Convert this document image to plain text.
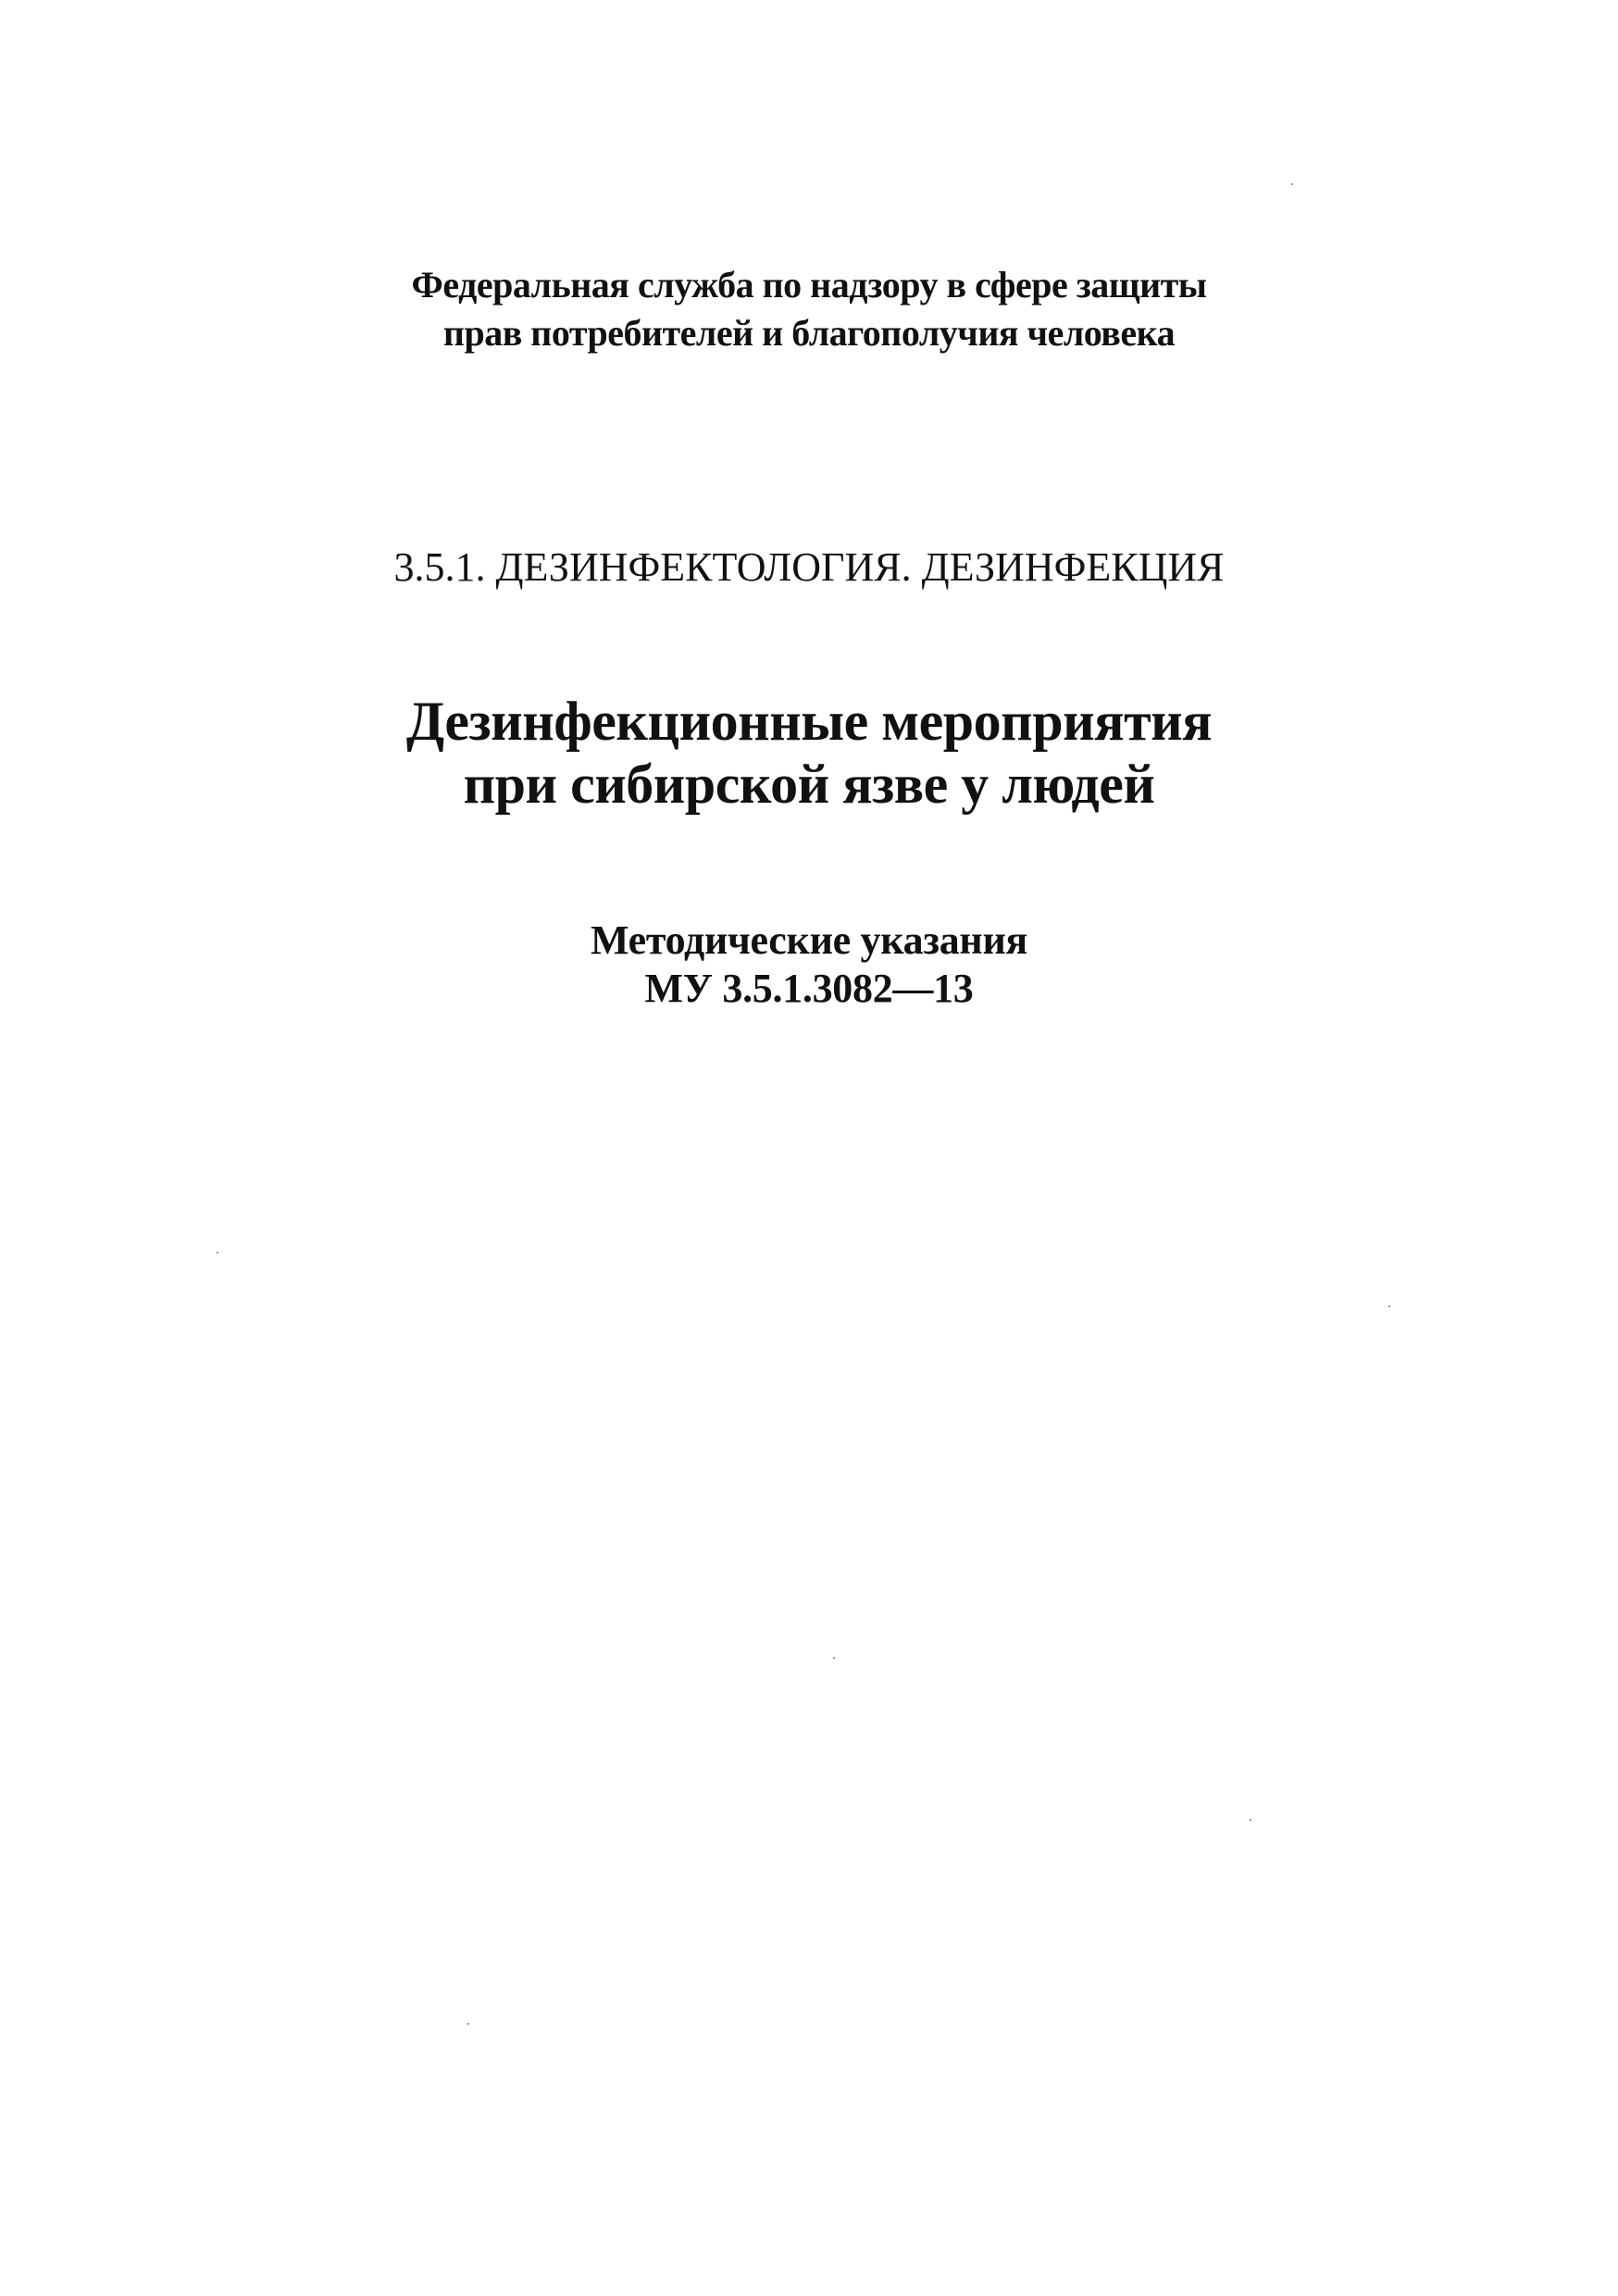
Федеральная служба по надзору в сфере защиты
прав потребителей и благополучия человека
3.5.1. ДЕЗИНФЕКТОЛОГИЯ. ДЕЗИНФЕКЦИЯ
Дезинфекционные мероприятия
при сибирской язве у людей
Методические указания
МУ 3.5.1.3082—13
